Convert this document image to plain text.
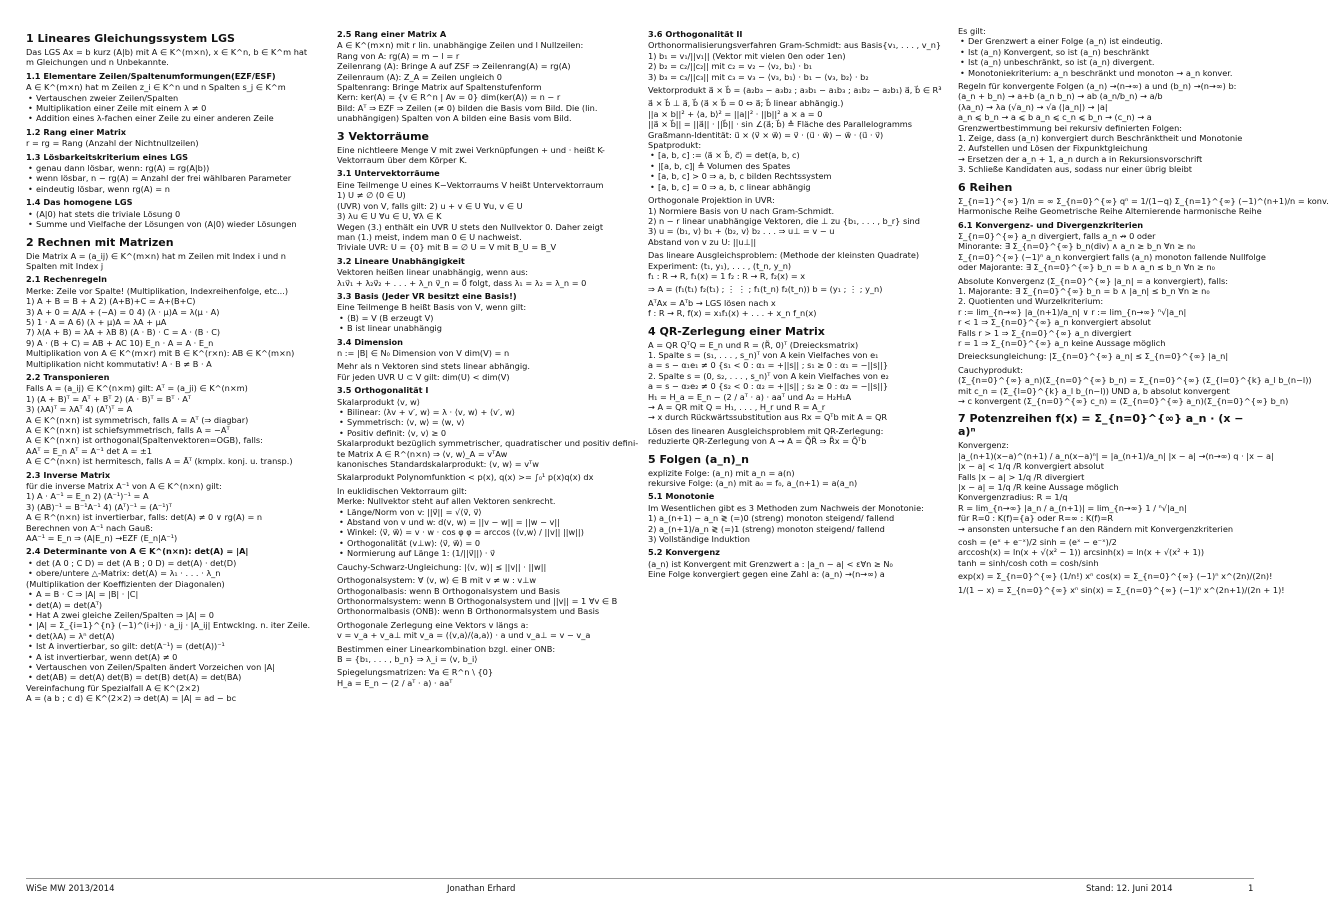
1 Lineares Gleichungssystem LGS
Das LGS Ax = b kurz (A|b) mit A ∈ K^(m×n), x ∈ K^n, b ∈ K^m hat
m Gleichungen und n Unbekannte.
1.1 Elementare Zeilen/Spaltenumformungen(EZF/ESF)
A ∈ K^(m×n) hat m Zeilen z_i ∈ K^n und n Spalten s_j ∈ K^m
• Vertauschen zweier Zeilen/Spalten
• Multiplikation einer Zeile mit einem λ ≠ 0
• Addition eines λ-fachen einer Zeile zu einer anderen Zeile
1.2 Rang einer Matrix
r = rg = Rang (Anzahl der Nichtnullzeilen)
1.3 Lösbarkeitskriterium eines LGS
• genau dann lösbar, wenn: rg(A) = rg(A|b))
• wenn lösbar, n − rg(A) = Anzahl der frei wählbaren Parameter
• eindeutig lösbar, wenn rg(A) = n
1.4 Das homogene LGS
• (A|0) hat stets die triviale Lösung 0
• Summe und Vielfache der Lösungen von (A|0) wieder Lösungen
2 Rechnen mit Matrizen
Die Matrix A = (a_ij) ∈ K^(m×n) hat m Zeilen mit Index i und n
Spalten mit Index j
2.1 Rechenregeln
Merke: Zeile vor Spalte! (Multiplikation, Indexreihenfolge, etc...)
1) A + B = B + A 2) (A+B)+C = A+(B+C)
3) A + 0 = A/A + (−A) = 0 4) (λ · μ)A = λ(μ · A)
5) 1 · A = A 6) (λ + μ)A = λA + μA
7) λ(A + B) = λA + λB 8) (A · B) · C = A · (B · C)
9) A · (B + C) = AB + AC 10) E_n · A = A · E_n
Multiplikation von A ∈ K^(m×r) mit B ∈ K^(r×n): AB ∈ K^(m×n)
Multiplikation nicht kommutativ! A · B ≠ B · A
2.2 Transponieren
Falls A = (a_ij) ∈ K^(n×m) gilt: Aᵀ = (a_ji) ∈ K^(n×m)
1) (A + B)ᵀ = Aᵀ + Bᵀ 2) (A · B)ᵀ = Bᵀ · Aᵀ
3) (λA)ᵀ = λAᵀ 4) (Aᵀ)ᵀ = A
A ∈ K^(n×n) ist symmetrisch, falls A = Aᵀ (⇒ diagbar)
A ∈ K^(n×n) ist schiefsymmetrisch, falls A = −Aᵀ
A ∈ K^(n×n) ist orthogonal(Spaltenvektoren=OGB), falls:
AAᵀ = E_n Aᵀ = A⁻¹ det A = ±1
A ∈ C^(n×n) ist hermitesch, falls A = Āᵀ (kmplx. konj. u. transp.)
2.3 Inverse Matrix
für die inverse Matrix A⁻¹ von A ∈ K^(n×n) gilt:
1) A · A⁻¹ = E_n 2) (A⁻¹)⁻¹ = A
3) (AB)⁻¹ = B⁻¹A⁻¹ 4) (Aᵀ)⁻¹ = (A⁻¹)ᵀ
A ∈ R^(n×n) ist invertierbar, falls: det(A) ≠ 0 ∨ rg(A) = n
Berechnen von A⁻¹ nach Gauß:
AA⁻¹ = E_n ⇒ (A|E_n) →EZF (E_n|A⁻¹)
2.4 Determinante von A ∈ K^(n×n): det(A) = |A|
• det (A 0 ; C D) = det (A B ; 0 D) = det(A) · det(D)
• obere/untere △-Matrix: det(A) = λ₁ · . . . · λ_n
(Multiplikation der Koeffizienten der Diagonalen)
• A = B · C ⇒ |A| = |B| · |C|
• det(A) = det(Aᵀ)
• Hat A zwei gleiche Zeilen/Spalten ⇒ |A| = 0
• |A| = Σ_{i=1}^{n} (−1)^(i+j) · a_ij · |A_ij| Entwcklng. n. iter Zeile.
• det(λA) = λⁿ det(A)
• Ist A invertierbar, so gilt: det(A⁻¹) = (det(A))⁻¹
• A ist invertierbar, wenn det(A) ≠ 0
• Vertauschen von Zeilen/Spalten ändert Vorzeichen von |A|
• det(AB) = det(A) det(B) = det(B) det(A) = det(BA)
Vereinfachung für Spezialfall A ∈ K^(2×2)
A = (a b ; c d) ∈ K^(2×2) ⇒ det(A) = |A| = ad − bc
2.5 Rang einer Matrix A
A ∈ K^(m×n) mit r lin. unabhängige Zeilen und l Nullzeilen:
Rang von A: rg(A) = m − l = r
Zeilenrang (A): Bringe A auf ZSF ⇒ Zeilenrang(A) = rg(A)
Zeilenraum (A): Z_A = Zeilen ungleich 0
Spaltenrang: Bringe Matrix auf Spaltenstufenform
Kern: ker(A) = {v ∈ R^n | Av = 0} dim(ker(A)) = n − r
Bild: Aᵀ ⇒ EZF ⇒ Zeilen (≠ 0) bilden die Basis vom Bild. Die (lin.
unabhängigen) Spalten von A bilden eine Basis vom Bild.
3 Vektorräume
Eine nichtleere Menge V mit zwei Verknüpfungen + und · heißt K-
Vektorraum über dem Körper K.
3.1 Untervektorräume
Eine Teilmenge U eines K−Vektorraums V heißt Untervektorraum
1) U ≠ ∅ (0 ∈ U)
(UVR) von V, falls gilt: 2) u + v ∈ U ∀u, v ∈ U
3) λu ∈ U ∀u ∈ U, ∀λ ∈ K
Wegen (3.) enthält ein UVR U stets den Nullvektor 0. Daher zeigt
man (1.) meist, indem man 0 ∈ U nachweist.
Triviale UVR: U = {0} mit B = ∅ U = V mit B_U = B_V
3.2 Lineare Unabhängigkeit
Vektoren heißen linear unabhängig, wenn aus:
λ₁v⃗₁ + λ₂v⃗₂ + . . . + λ_n v⃗_n = 0⃗ folgt, dass λ₁ = λ₂ = λ_n = 0
3.3 Basis (Jeder VR besitzt eine Basis!)
Eine Teilmenge B heißt Basis von V, wenn gilt:
• ⟨B⟩ = V (B erzeugt V)
• B ist linear unabhängig
3.4 Dimension
n := |B| ∈ N₀ Dimension von V dim(V) = n
Mehr als n Vektoren sind stets linear abhängig.
Für jeden UVR U ⊂ V gilt: dim(U) < dim(V)
3.5 Orthogonalität I
Skalarprodukt ⟨v, w⟩
• Bilinear: ⟨λv + v′, w⟩ = λ · ⟨v, w⟩ + ⟨v′, w⟩
• Symmetrisch: ⟨v, w⟩ = ⟨w, v⟩
• Positiv definit: ⟨v, v⟩ ≥ 0
Skalarprodukt bezüglich symmetrischer, quadratischer und positiv defini-
te Matrix A ∈ R^(n×n) ⇒ ⟨v, w⟩_A = vᵀAw
kanonisches Standardskalarprodukt: ⟨v, w⟩ = vᵀw
Skalarprodukt Polynomfunktion < p(x), q(x) >= ∫₀¹ p(x)q(x) dx
In euklidischen Vektorraum gilt:
Merke: Nullvektor steht auf allen Vektoren senkrecht.
• Länge/Norm von v: ||v⃗|| = √⟨v⃗, v⃗⟩
• Abstand von v und w: d(v, w) = ||v − w|| = ||w − v||
• Winkel: ⟨v⃗, w⃗⟩ = v · w · cos φ φ = arccos (⟨v,w⟩ / ||v|| ||w||)
• Orthogonalität (v⊥w): ⟨v⃗, w⃗⟩ = 0
• Normierung auf Länge 1: (1/||v⃗||) · v⃗
Cauchy-Schwarz-Ungleichung: |⟨v, w⟩| ≤ ||v|| · ||w||
Orthogonalsystem: ∀ ⟨v, w⟩ ∈ B mit v ≠ w : v⊥w
Orthogonalbasis: wenn B Orthogonalsystem und Basis
Orthonormalsystem: wenn B Orthogonalsystem und ||v|| = 1 ∀v ∈ B
Orthonormalbasis (ONB): wenn B Orthonormalsystem und Basis
Orthogonale Zerlegung eine Vektors v längs a:
v = v_a + v_a⊥ mit v_a = (⟨v,a⟩/⟨a,a⟩) · a und v_a⊥ = v − v_a
Bestimmen einer Linearkombination bzgl. einer ONB:
B = {b₁, . . . , b_n} ⇒ λ_i = ⟨v, b_i⟩
Spiegelungsmatrizen: ∀a ∈ R^n \ {0}
H_a = E_n − (2 / aᵀ · a) · aaᵀ
3.6 Orthogonalität II
Orthonormalisierungsverfahren Gram-Schmidt: aus Basis{v₁, . . . , v_n}
1) b₁ = v₁/||v₁|| (Vektor mit vielen 0en oder 1en)
2) b₂ = c₂/||c₂|| mit c₂ = v₂ − ⟨v₂, b₁⟩ · b₁
3) b₃ = c₃/||c₃|| mit c₃ = v₃ − ⟨v₃, b₁⟩ · b₁ − ⟨v₃, b₂⟩ · b₂
Vektorprodukt a⃗ × b⃗ = (a₂b₃ − a₃b₂ ; a₃b₁ − a₁b₃ ; a₁b₂ − a₂b₁) a⃗, b⃗ ∈ R³
a⃗ × b⃗ ⊥ a⃗, b⃗ (a⃗ × b⃗ = 0 ⇔ a⃗; b⃗ linear abhängig.)
||a × b||² + ⟨a, b⟩² = ||a||² · ||b||² a × a = 0
||a⃗ × b⃗|| = ||a⃗|| · ||b⃗|| · sin ∠(a⃗; b⃗) ≙ Fläche des Parallelogramms
Graßmann-Identität: u⃗ × (v⃗ × w⃗) = v⃗ · (u⃗ · w⃗) − w⃗ · (u⃗ · v⃗)
Spatprodukt:
• [a, b, c] := ⟨a⃗ × b⃗, c⃗⟩ = det(a, b, c)
• |[a, b, c]| ≙ Volumen des Spates
• [a, b, c] > 0 ⇒ a, b, c bilden Rechtssystem
• [a, b, c] = 0 ⇒ a, b, c linear abhängig
Orthogonale Projektion in UVR:
1) Normiere Basis von U nach Gram-Schmidt.
2) n − r linear unabhängige Vektoren, die ⊥ zu {b₁, . . . , b_r} sind
3) u = ⟨b₁, v⟩ b₁ + ⟨b₂, v⟩ b₂ . . . ⇒ u⊥ = v − u
Abstand von v zu U: ||u⊥||
Das lineare Ausgleichsproblem: (Methode der kleinsten Quadrate)
Experiment: (t₁, y₁), . . . , (t_n, y_n)
f₁ : R → R, f₁(x) = 1 f₂ : R → R, f₂(x) = x
⇒ A = (f₁(t₁) f₂(t₁) ; ⋮ ⋮ ; f₁(t_n) f₂(t_n)) b = (y₁ ; ⋮ ; y_n)
AᵀAx = Aᵀb → LGS lösen nach x
f : R → R, f(x) = x₁f₁(x) + . . . + x_n f_n(x)
4 QR-Zerlegung einer Matrix
A = QR QᵀQ = E_n und R = (R̃, 0)ᵀ (Dreiecksmatrix)
1. Spalte s = (s₁, . . . , s_n)ᵀ von A kein Vielfaches von e₁
a = s − α₁e₁ ≠ 0 {s₁ < 0 : α₁ = +||s|| ; s₁ ≥ 0 : α₁ = −||s||}
2. Spalte s = (0, s₂, . . . , s_n)ᵀ von A kein Vielfaches von e₂
a = s − α₂e₂ ≠ 0 {s₂ < 0 : α₂ = +||s|| ; s₂ ≥ 0 : α₂ = −||s||}
H₁ = H_a = E_n − (2 / aᵀ · a) · aaᵀ und A₂ = H₂H₁A
→ A = QR mit Q = H₁, . . . , H_r und R = A_r
→ x durch Rückwärtssubstitution aus Rx = Qᵀb mit A = QR
Lösen des linearen Ausgleichsproblem mit QR-Zerlegung:
reduzierte QR-Zerlegung von A → A = Q̃R̃ ⇒ R̃x = Q̃ᵀb
5 Folgen (a_n)_n
explizite Folge: (a_n) mit a_n = a(n)
rekursive Folge: (a_n) mit a₀ = f₀, a_(n+1) = a(a_n)
5.1 Monotonie
Im Wesentlichen gibt es 3 Methoden zum Nachweis der Monotonie:
1) a_(n+1) − a_n ≷ (=)0 (streng) monoton steigend/ fallend
2) a_(n+1)/a_n ≷ (=)1 (streng) monoton steigend/ fallend
3) Vollständige Induktion
5.2 Konvergenz
(a_n) ist Konvergent mit Grenzwert a : |a_n − a| < ε∀n ≥ N₀
Eine Folge konvergiert gegen eine Zahl a: (a_n) →(n→∞) a
Es gilt:
• Der Grenzwert a einer Folge (a_n) ist eindeutig.
• Ist (a_n) Konvergent, so ist (a_n) beschränkt
• Ist (a_n) unbeschränkt, so ist (a_n) divergent.
• Monotoniekriterium: a_n beschränkt und monoton → a_n konver.
Regeln für konvergente Folgen (a_n) →(n→∞) a und (b_n) →(n→∞) b:
(a_n + b_n) → a+b (a_n b_n) → ab (a_n/b_n) → a/b
(λa_n) → λa (√a_n) → √a (|a_n|) → |a|
a_n ⩽ b_n → a ⩽ b a_n ⩽ c_n ⩽ b_n → (c_n) → a
Grenzwertbestimmung bei rekursiv definierten Folgen:
1. Zeige, dass (a_n) konvergiert durch Beschränktheit und Monotonie
2. Aufstellen und Lösen der Fixpunktgleichung
→ Ersetzen der a_n + 1, a_n durch a in Rekursionsvorschrift
3. Schließe Kandidaten aus, sodass nur einer übrig bleibt
6 Reihen
Σ_{n=1}^{∞} 1/n = ∞ Σ_{n=0}^{∞} qⁿ = 1/(1−q) Σ_{n=1}^{∞} (−1)^(n+1)/n = konv.
Harmonische Reihe Geometrische Reihe Alternierende harmonische Reihe
6.1 Konvergenz- und Divergenzkriterien
Σ_{n=0}^{∞} a_n divergiert, falls a_n ↛ 0 oder
Minorante: ∃ Σ_{n=0}^{∞} b_n(div) ∧ a_n ≥ b_n ∀n ≥ n₀
Σ_{n=0}^{∞} (−1)ⁿ a_n konvergiert falls (a_n) monoton fallende Nullfolge
oder Majorante: ∃ Σ_{n=0}^{∞} b_n = b ∧ a_n ≤ b_n ∀n ≥ n₀
Absolute Konvergenz (Σ_{n=0}^{∞} |a_n| = a konvergiert), falls:
1. Majorante: ∃ Σ_{n=0}^{∞} b_n = b ∧ |a_n| ≤ b_n ∀n ≥ n₀
2. Quotienten und Wurzelkriterium:
r := lim_{n→∞} |a_(n+1)/a_n| ∨ r := lim_{n→∞} ⁿ√|a_n|
r < 1 ⇒ Σ_{n=0}^{∞} a_n konvergiert absolut
Falls r > 1 ⇒ Σ_{n=0}^{∞} a_n divergiert
r = 1 ⇒ Σ_{n=0}^{∞} a_n keine Aussage möglich
Dreiecksungleichung: |Σ_{n=0}^{∞} a_n| ≤ Σ_{n=0}^{∞} |a_n|
Cauchyprodukt:
(Σ_{n=0}^{∞} a_n)(Σ_{n=0}^{∞} b_n) = Σ_{n=0}^{∞} (Σ_{l=0}^{k} a_l b_(n−l))
mit c_n = (Σ_{l=0}^{k} a_l b_(n−l)) UND a, b absolut konvergent
→ c konvergent (Σ_{n=0}^{∞} c_n) = (Σ_{n=0}^{∞} a_n)(Σ_{n=0}^{∞} b_n)
7 Potenzreihen f(x) = Σ_{n=0}^{∞} a_n · (x − a)ⁿ
Konvergenz:
|a_(n+1)(x−a)^(n+1) / a_n(x−a)ⁿ| = |a_(n+1)/a_n| |x − a| →(n→∞) q · |x − a|
|x − a| < 1/q /R konvergiert absolut
Falls |x − a| > 1/q /R divergiert
|x − a| = 1/q /R keine Aussage möglich
Konvergenzradius: R = 1/q
R = lim_{n→∞} |a_n / a_(n+1)| = lim_{n→∞} 1 / ⁿ√|a_n|
für R=0 : K(f)={a} oder R=∞ : K(f)=R
→ ansonsten untersuche f an den Rändern mit Konvergenzkriterien
cosh = (eˣ + e⁻ˣ)/2 sinh = (eˣ − e⁻ˣ)/2
arccosh(x) = ln(x + √(x² − 1)) arcsinh(x) = ln(x + √(x² + 1))
tanh = sinh/cosh coth = cosh/sinh
exp(x) = Σ_{n=0}^{∞} (1/n!) xⁿ cos(x) = Σ_{n=0}^{∞} (−1)ⁿ x^(2n)/(2n)!
1/(1 − x) = Σ_{n=0}^{∞} xⁿ sin(x) = Σ_{n=0}^{∞} (−1)ⁿ x^(2n+1)/(2n + 1)!
WiSe MW 2013/2014	Jonathan Erhard	Stand: 12. Juni 2014	1
